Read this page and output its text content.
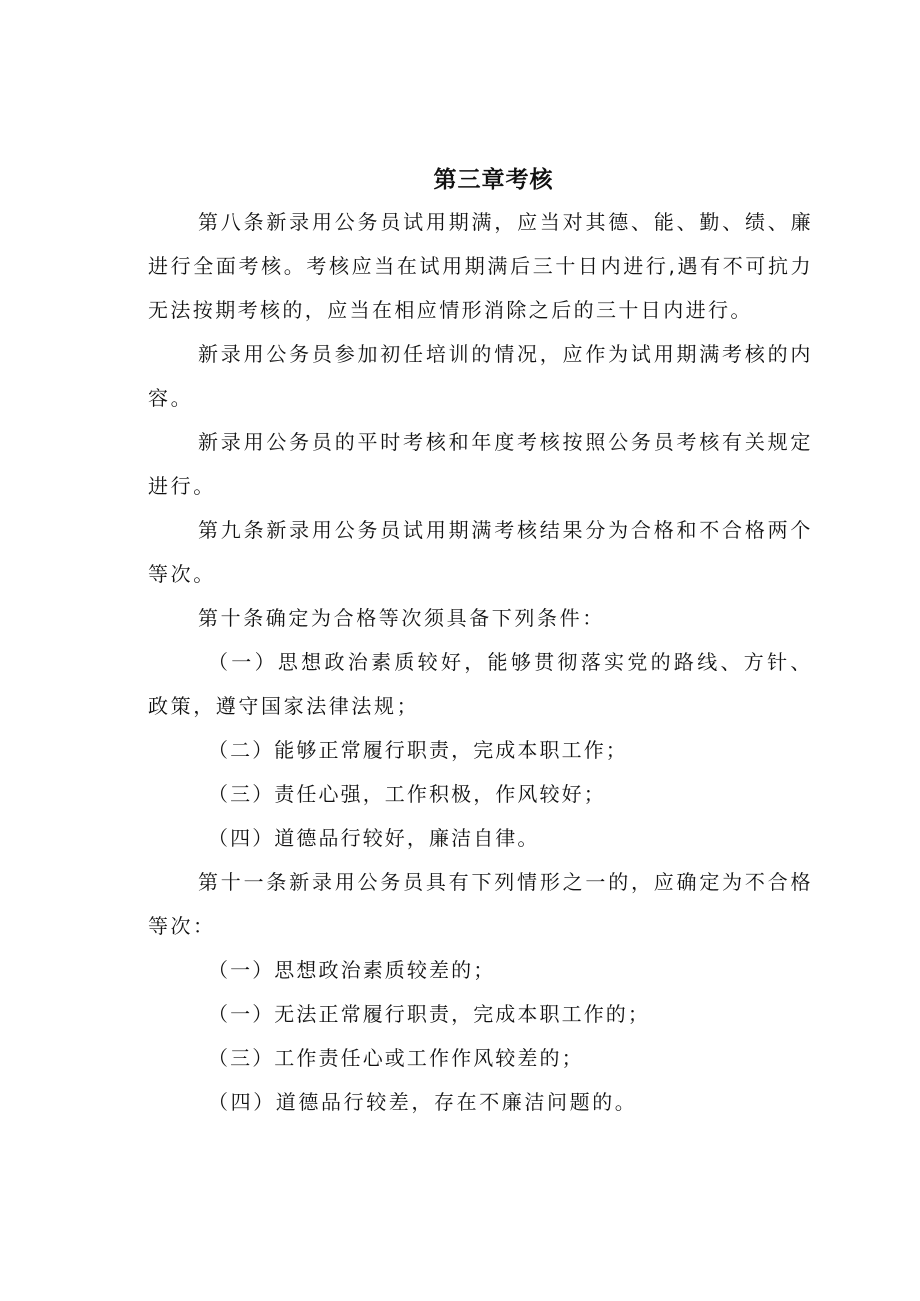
第三章考核

第八条新录用公务员试用期满，应当对其德、能、勤、绩、廉进行全面考核。考核应当在试用期满后三十日内进行,遇有不可抗力无法按期考核的，应当在相应情形消除之后的三十日内进行。

新录用公务员参加初任培训的情况，应作为试用期满考核的内容。

新录用公务员的平时考核和年度考核按照公务员考核有关规定进行。

第九条新录用公务员试用期满考核结果分为合格和不合格两个等次。

第十条确定为合格等次须具备下列条件：

（一）思想政治素质较好，能够贯彻落实党的路线、方针、政策，遵守国家法律法规；

（二）能够正常履行职责，完成本职工作；

（三）责任心强，工作积极，作风较好；

（四）道德品行较好，廉洁自律。

第十一条新录用公务员具有下列情形之一的，应确定为不合格等次：

（一）思想政治素质较差的；

（一）无法正常履行职责，完成本职工作的；

（三）工作责任心或工作作风较差的；

（四）道德品行较差，存在不廉洁问题的。
